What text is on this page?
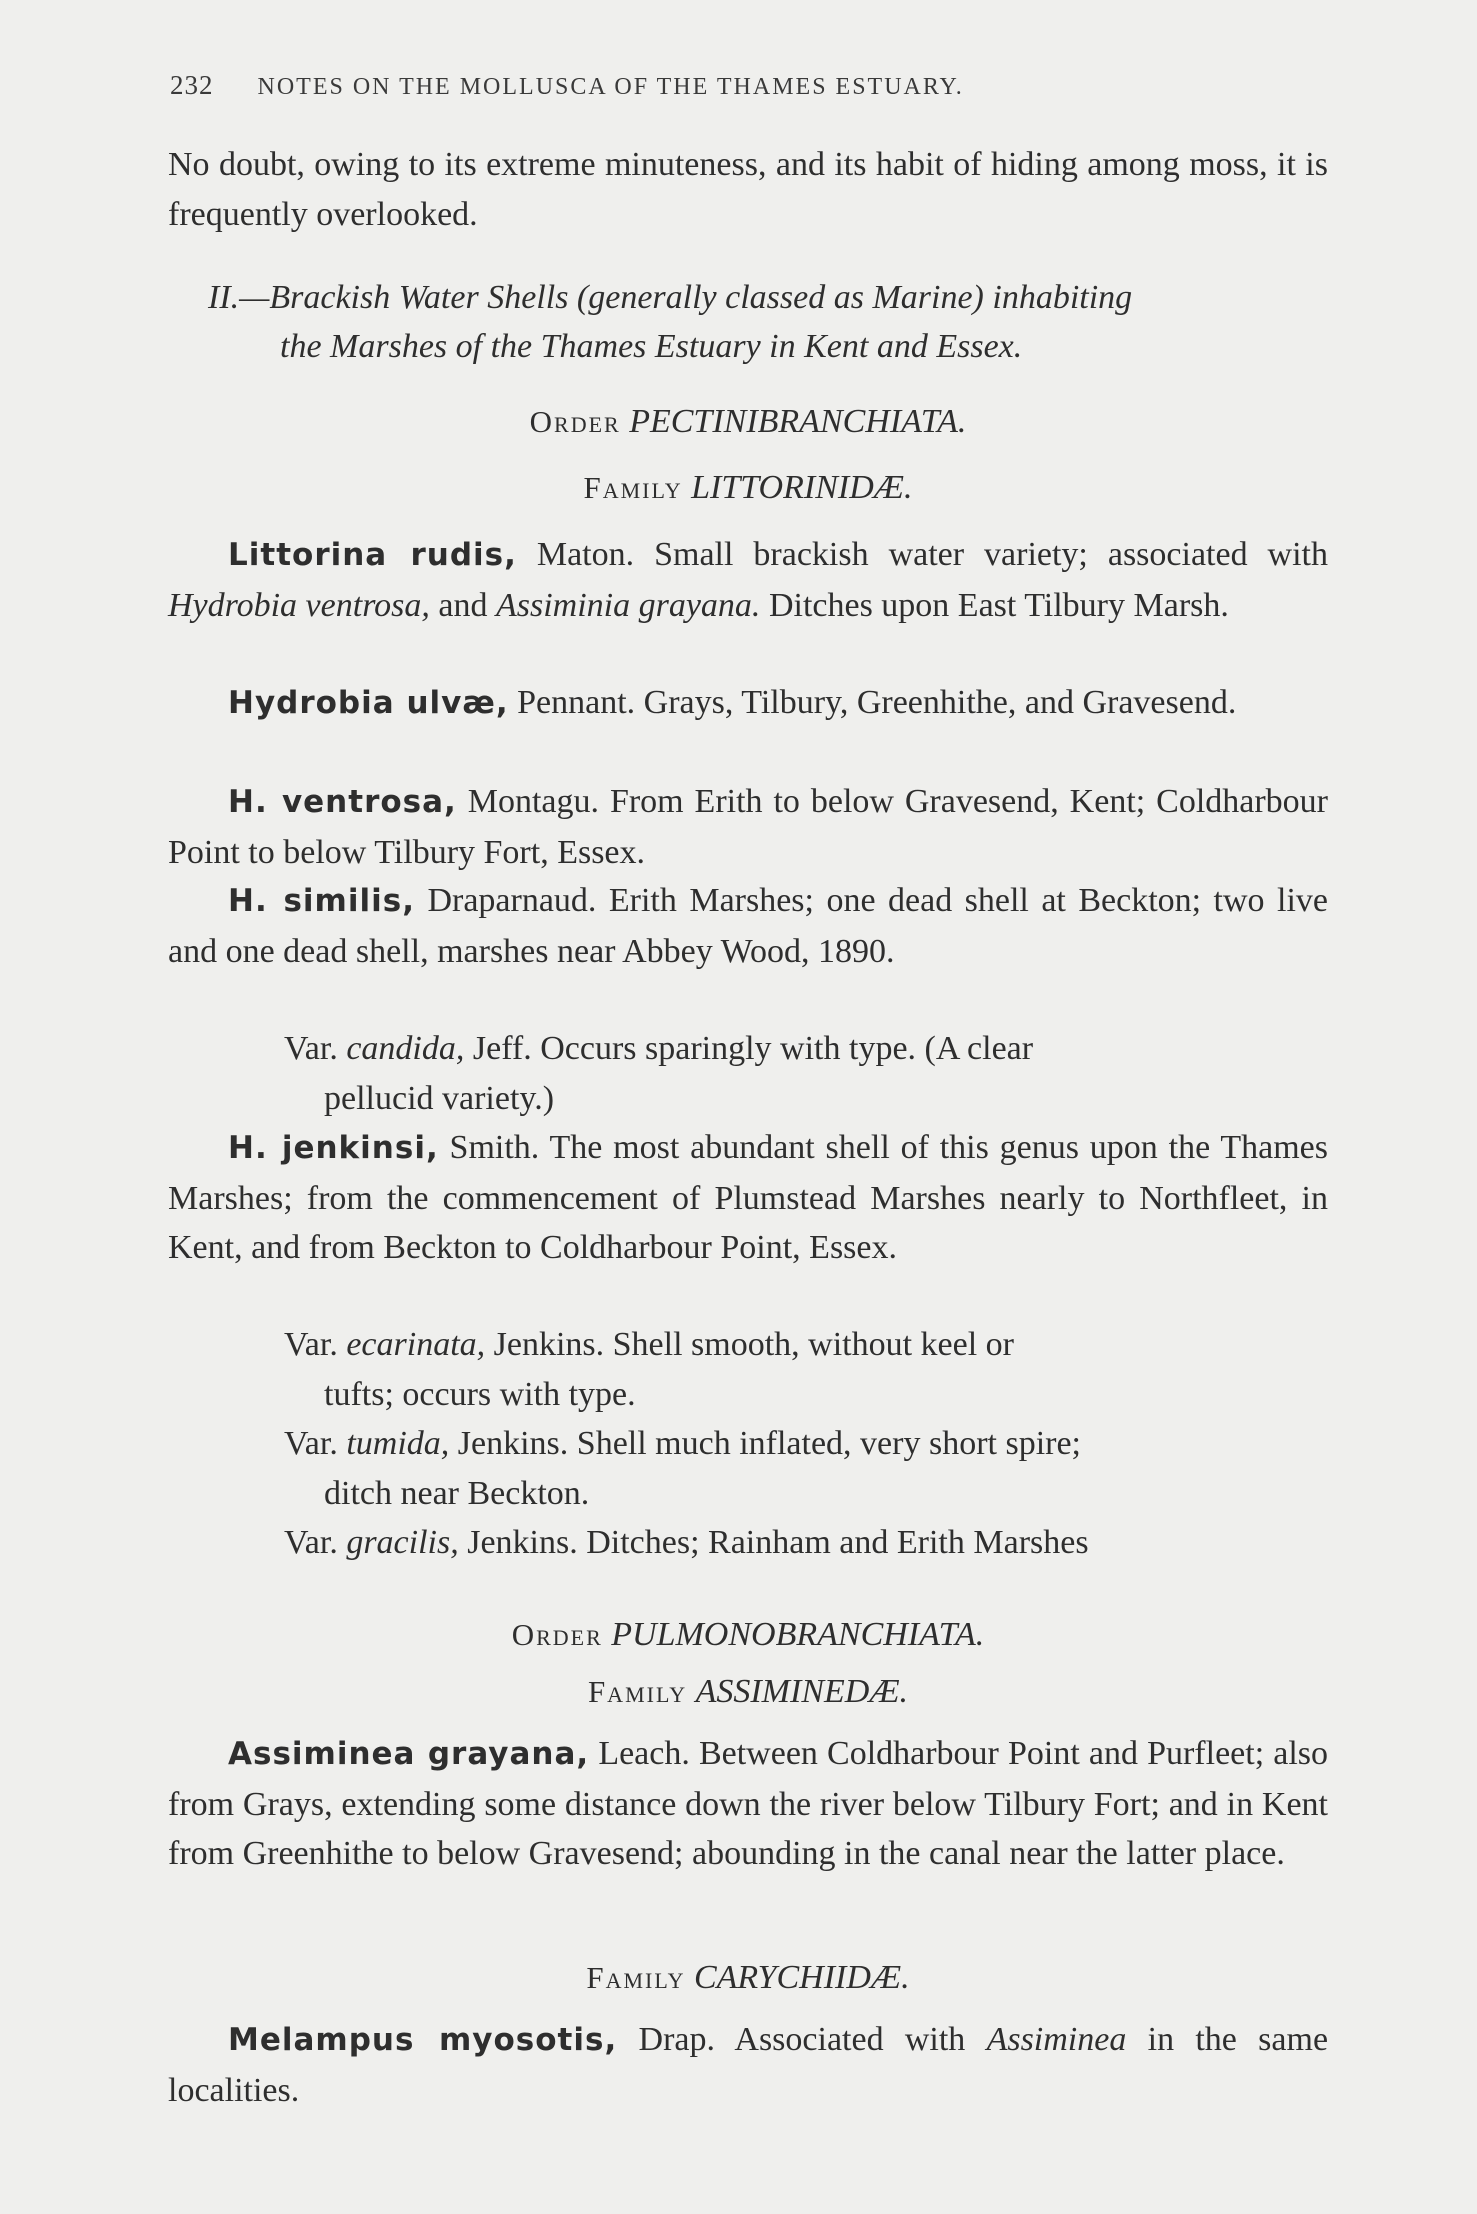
232 NOTES ON THE MOLLUSCA OF THE THAMES ESTUARY.
No doubt, owing to its extreme minuteness, and its habit of hiding among moss, it is frequently overlooked.
II.—Brackish Water Shells (generally classed as Marine) inhabiting
the Marshes of the Thames Estuary in Kent and Essex.
Order PECTINIBRANCHIATA.
Family LITTORINIDÆ.
Littorina rudis, Maton. Small brackish water variety; associated with Hydrobia ventrosa, and Assiminia grayana. Ditches upon East Tilbury Marsh.
Hydrobia ulvæ, Pennant. Grays, Tilbury, Greenhithe, and Gravesend.
H. ventrosa, Montagu. From Erith to below Gravesend, Kent; Coldharbour Point to below Tilbury Fort, Essex.
H. similis, Draparnaud. Erith Marshes; one dead shell at Beckton; two live and one dead shell, marshes near Abbey Wood, 1890.
Var. candida, Jeff. Occurs sparingly with type. (A clear
pellucid variety.)
H. jenkinsi, Smith. The most abundant shell of this genus upon the Thames Marshes; from the commencement of Plumstead Marshes nearly to Northfleet, in Kent, and from Beckton to Coldharbour Point, Essex.
Var. ecarinata, Jenkins. Shell smooth, without keel or
tufts; occurs with type.
Var. tumida, Jenkins. Shell much inflated, very short spire;
ditch near Beckton.
Var. gracilis, Jenkins. Ditches; Rainham and Erith Marshes
Order PULMONOBRANCHIATA.
Family ASSIMINEDÆ.
Assiminea grayana, Leach. Between Coldharbour Point and Purfleet; also from Grays, extending some distance down the river below Tilbury Fort; and in Kent from Greenhithe to below Gravesend; abounding in the canal near the latter place.
Family CARYCHIIDÆ.
Melampus myosotis, Drap. Associated with Assiminea in the same localities.
